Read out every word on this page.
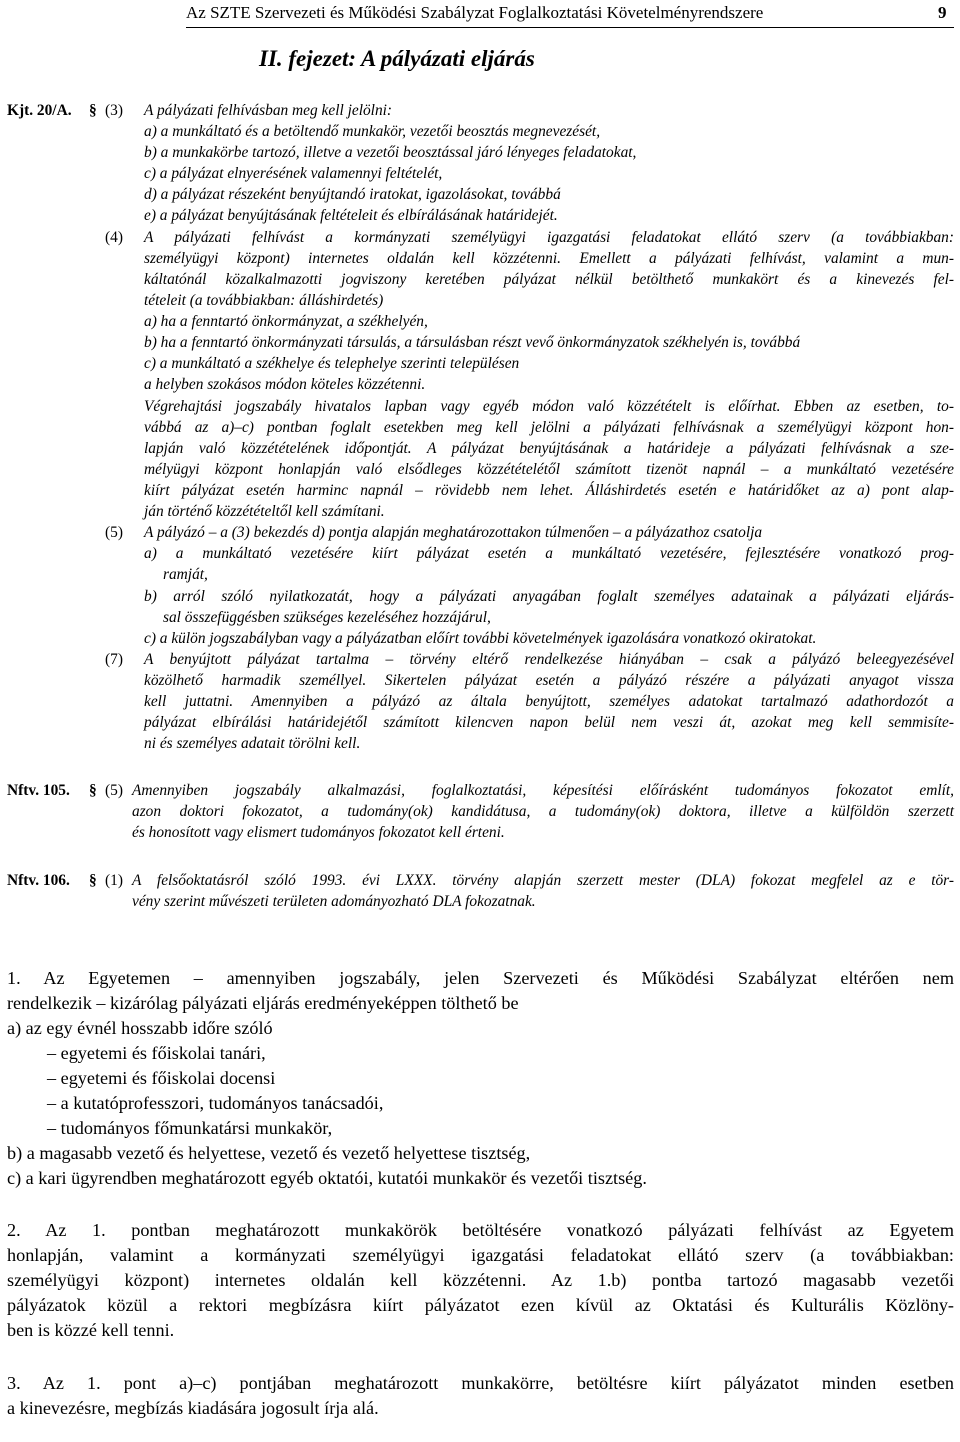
Az SZTE Szervezeti és Működési Szabályzat Foglalkoztatási Követelményrendszere	9
II. fejezet: A pályázati eljárás
Kjt. 20/A. § (3) A pályázati felhívásban meg kell jelölni:
a) a munkáltató és a betöltendő munkakör, vezetői beosztás megnevezését,
b) a munkakörbe tartozó, illetve a vezetői beosztással járó lényeges feladatokat,
c) a pályázat elnyerésének valamennyi feltételét,
d) a pályázat részeként benyújtandó iratokat, igazolásokat, továbbá
e) a pályázat benyújtásának feltételeit és elbírálásának határidejét.
(4) A pályázati felhívást a kormányzati személyügyi igazgatási feladatokat ellátó szerv (a továbbiakban:
személyügyi központ) internetes oldalán kell közzétenni. Emellett a pályázati felhívást, valamint a mun-
káltatónál közalkalmazotti jogviszony keretében pályázat nélkül betölthető munkakört és a kinevezés fel-
tételeit (a továbbiakban: álláshirdetés)
a) ha a fenntartó önkormányzat, a székhelyén,
b) ha a fenntartó önkormányzati társulás, a társulásban részt vevő önkormányzatok székhelyén is, továbbá
c) a munkáltató a székhelye és telephelye szerinti településen
a helyben szokásos módon köteles közzétenni.
Végrehajtási jogszabály hivatalos lapban vagy egyéb módon való közzétételt is előírhat. Ebben az esetben, to-
vábbá az a)–c) pontban foglalt esetekben meg kell jelölni a pályázati felhívásnak a személyügyi központ hon-
lapján való közzétételének időpontját. A pályázat benyújtásának a határideje a pályázati felhívásnak a sze-
mélyügyi központ honlapján való elsődleges közzétételétől számított tizenöt napnál – a munkáltató vezetésére
kiírt pályázat esetén harminc napnál – rövidebb nem lehet. Álláshirdetés esetén e határidőket az a) pont alap-
ján történő közzétételtől kell számítani.
(5) A pályázó – a (3) bekezdés d) pontja alapján meghatározottakon túlmenően – a pályázathoz csatolja
a) a munkáltató vezetésére kiírt pályázat esetén a munkáltató vezetésére, fejlesztésére vonatkozó prog-
ramját,
b) arról szóló nyilatkozatát, hogy a pályázati anyagában foglalt személyes adatainak a pályázati eljárás-
sal összefüggésben szükséges kezeléséhez hozzájárul,
c) a külön jogszabályban vagy a pályázatban előírt további követelmények igazolására vonatkozó okiratokat.
(7) A benyújtott pályázat tartalma – törvény eltérő rendelkezése hiányában – csak a pályázó beleegyezésével
közölhető harmadik személlyel. Sikertelen pályázat esetén a pályázó részére a pályázati anyagot vissza
kell juttatni. Amennyiben a pályázó az általa benyújtott, személyes adatokat tartalmazó adathordozót a
pályázat elbírálási határidejétől számított kilencven napon belül nem veszi át, azokat meg kell semmisíte-
ni és személyes adatait törölni kell.
Nftv. 105. § (5) Amennyiben jogszabály alkalmazási, foglalkoztatási, képesítési előírásként tudományos fokozatot említ,
azon doktori fokozatot, a tudomány(ok) kandidátusa, a tudomány(ok) doktora, illetve a külföldön szerzett
és honosított vagy elismert tudományos fokozatot kell érteni.
Nftv. 106. § (1) A felsőoktatásról szóló 1993. évi LXXX. törvény alapján szerzett mester (DLA) fokozat megfelel az e tör-
vény szerint művészeti területen adományozható DLA fokozatnak.
1. Az Egyetemen – amennyiben jogszabály, jelen Szervezeti és Működési Szabályzat eltérően nem
rendelkezik – kizárólag pályázati eljárás eredményeképpen tölthető be
a) az egy évnél hosszabb időre szóló
– egyetemi és főiskolai tanári,
– egyetemi és főiskolai docensi
– a kutatóprofesszori, tudományos tanácsadói,
– tudományos főmunkatársi munkakör,
b) a magasabb vezető és helyettese, vezető és vezető helyettese tisztség,
c) a kari ügyrendben meghatározott egyéb oktatói, kutatói munkakör és vezetői tisztség.
2. Az 1. pontban meghatározott munkakörök betöltésére vonatkozó pályázati felhívást az Egyetem
honlapján, valamint a kormányzati személyügyi igazgatási feladatokat ellátó szerv (a továbbiakban:
személyügyi központ) internetes oldalán kell közzétenni. Az 1.b) pontba tartozó magasabb vezetői
pályázatok közül a rektori megbízásra kiírt pályázatot ezen kívül az Oktatási és Kulturális Közlöny-
ben is közzé kell tenni.
3. Az 1. pont a)–c) pontjában meghatározott munkakörre, betöltésre kiírt pályázatot minden esetben
a kinevezésre, megbízás kiadására jogosult írja alá.
